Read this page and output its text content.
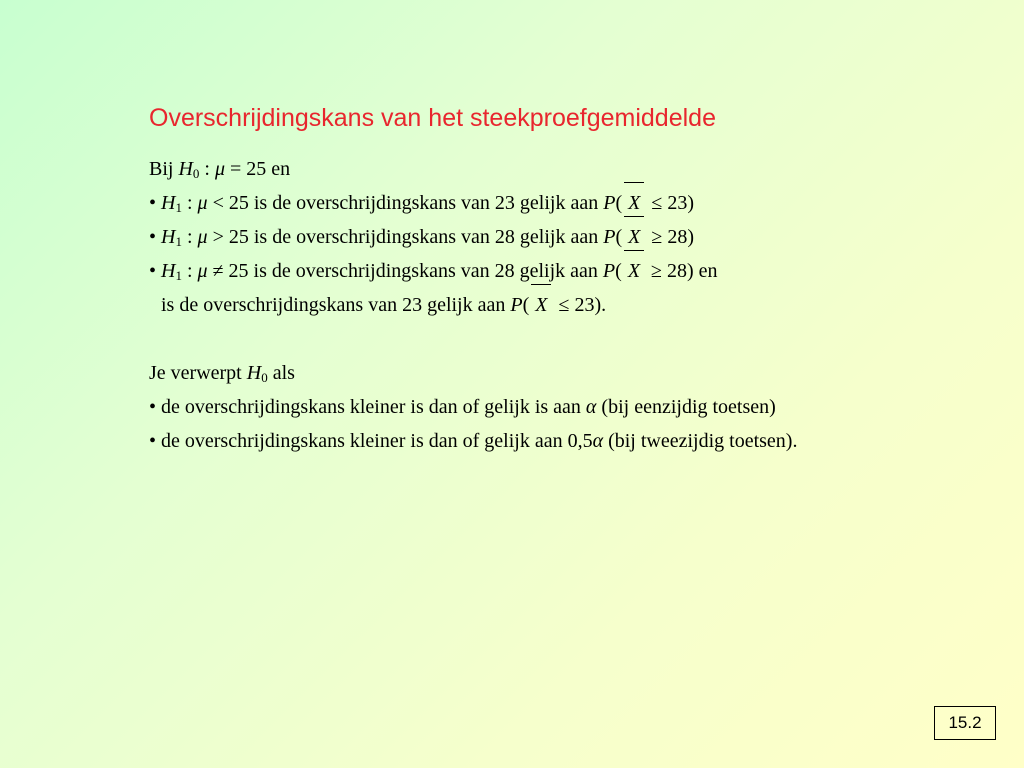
Overschrijdingskans van het steekproefgemiddelde
Bij $H_0$ : μ = 25 en
• $H_1$ : μ < 25 is de overschrijdingskans van 23 gelijk aan P( X ≤ 23)
• $H_1$ : μ > 25 is de overschrijdingskans van 28 gelijk aan P( X ≥ 28)
• $H_1$ : μ ≠ 25 is de overschrijdingskans van 28 gelijk aan P( X ≥ 28) en
is de overschrijdingskans van 23 gelijk aan P( X ≤ 23).
Je verwerpt $H_0$ als
• de overschrijdingskans kleiner is dan of gelijk is aan α (bij eenzijdig toetsen)
• de overschrijdingskans kleiner is dan of gelijk aan 0,5α (bij tweezijdig toetsen).
15.2
